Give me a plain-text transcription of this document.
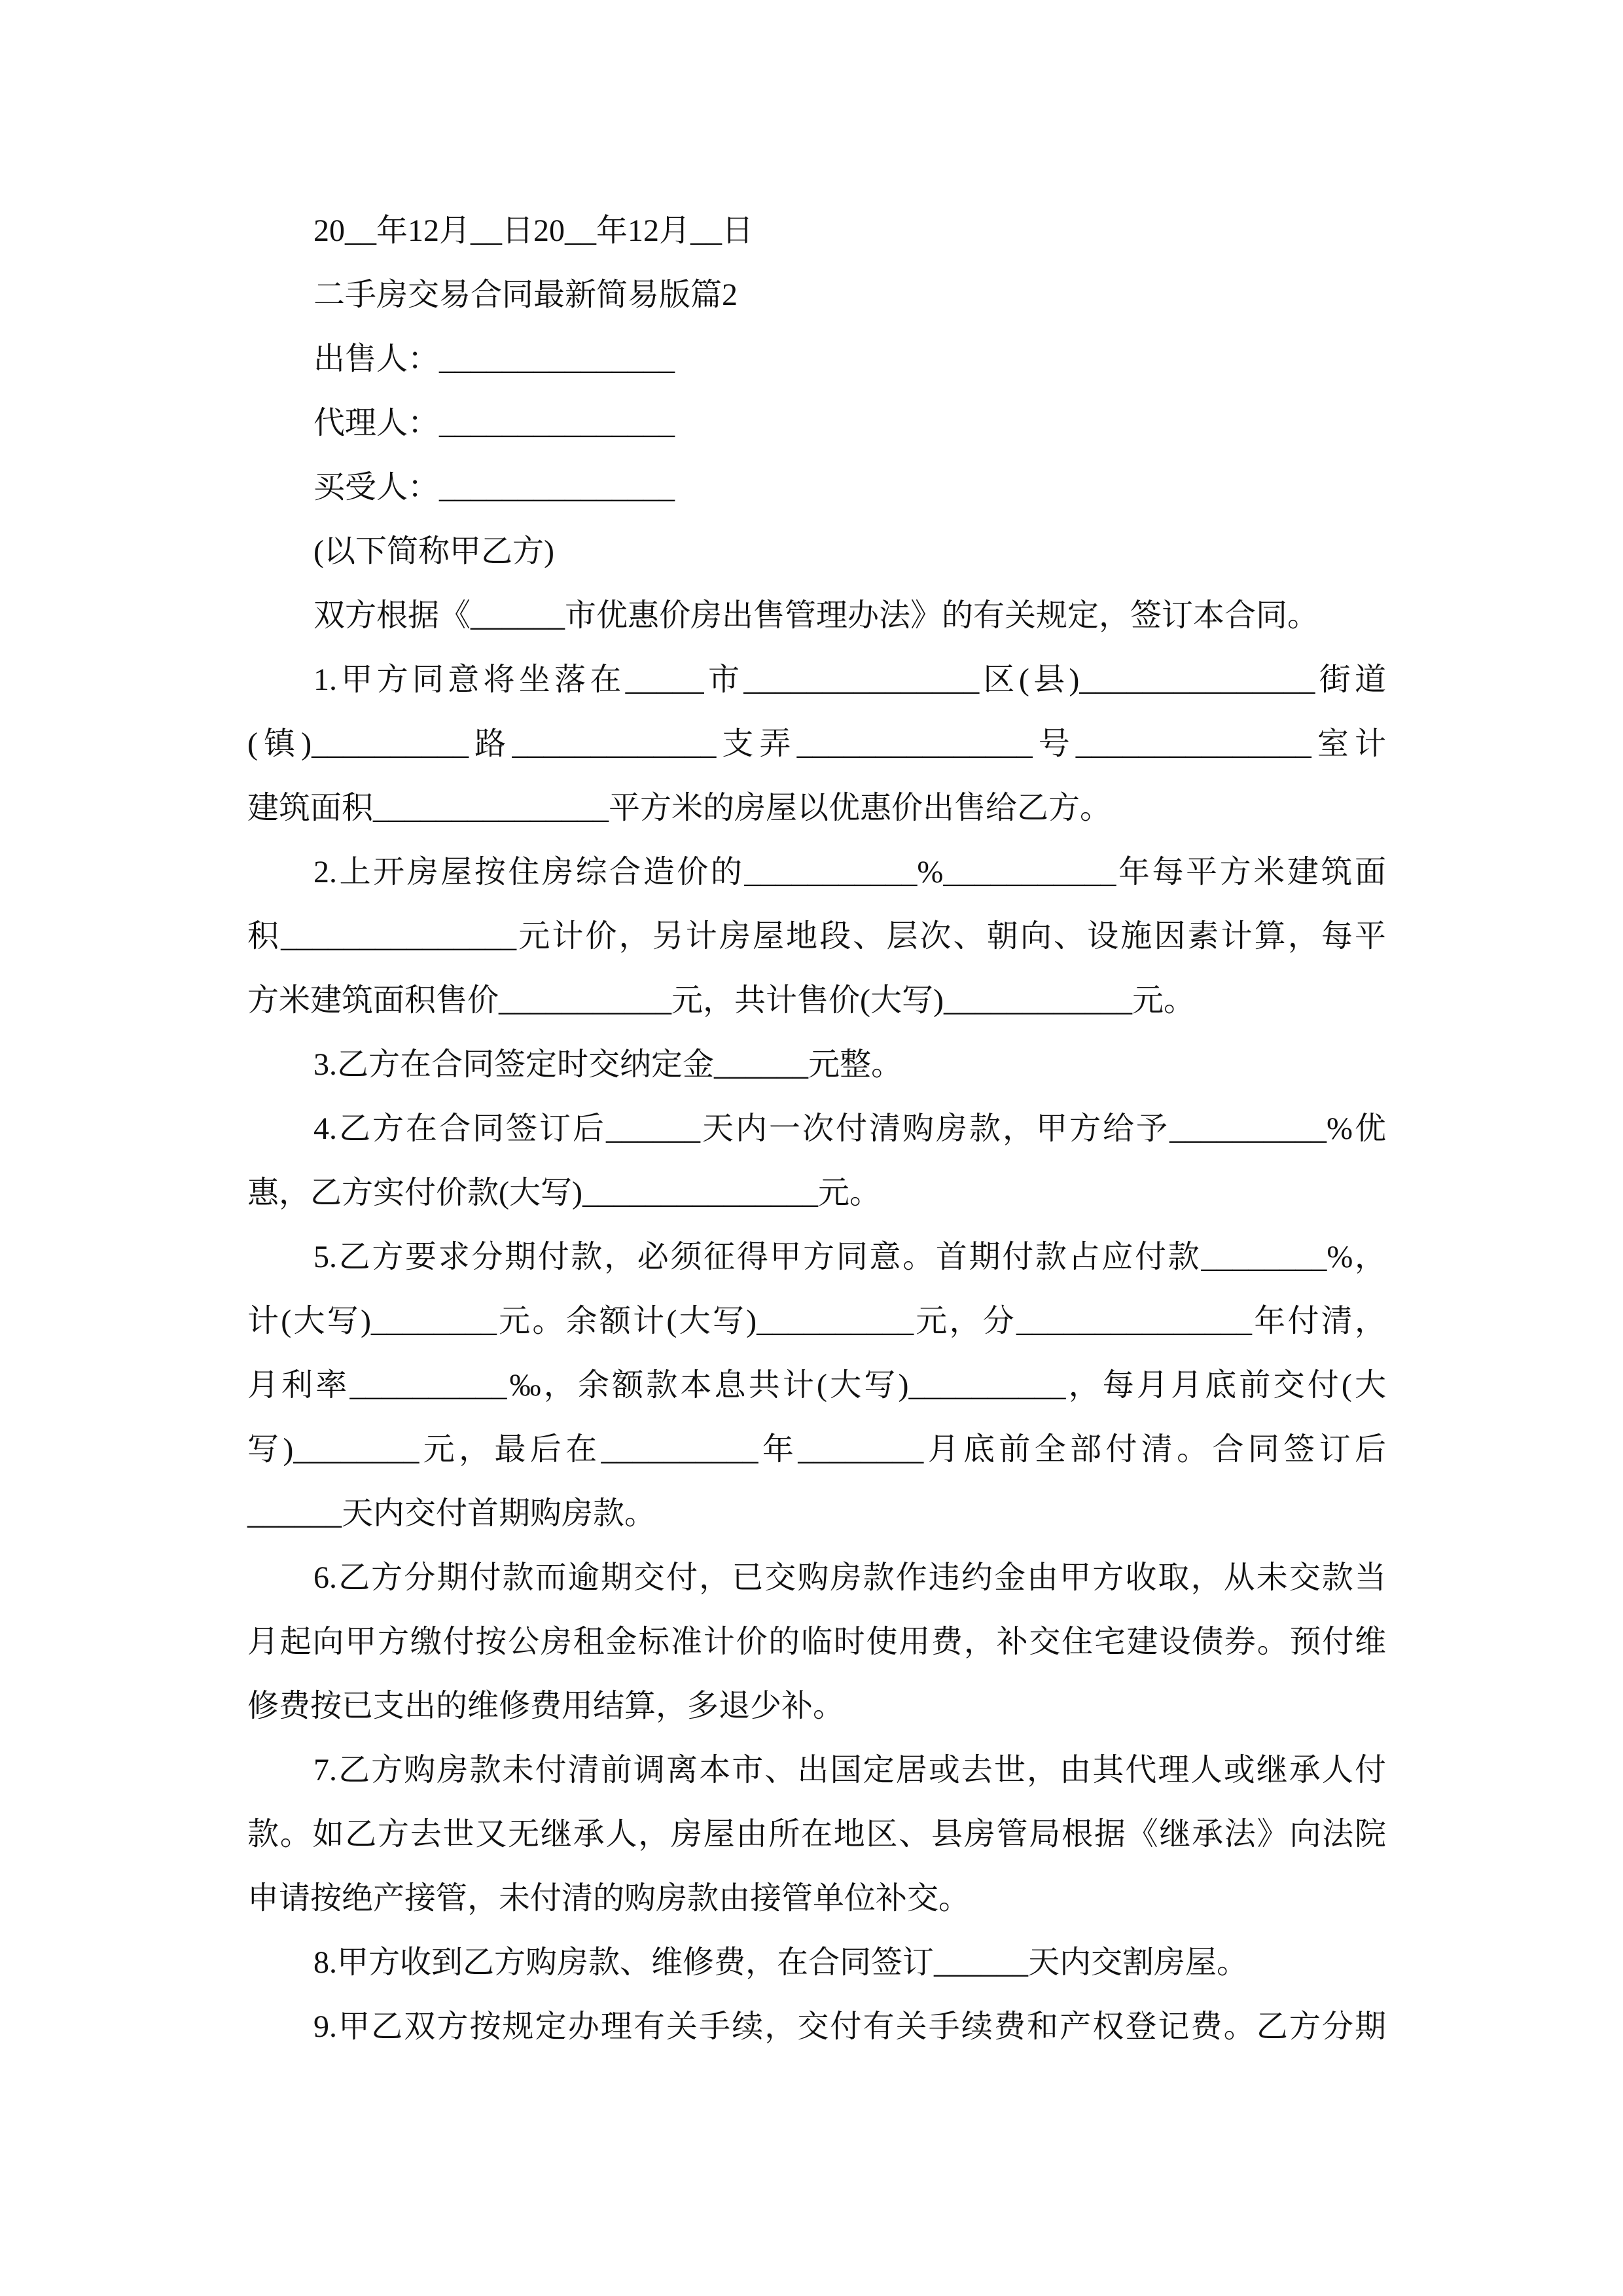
20__年12月__日20__年12月__日
二手房交易合同最新简易版篇2
出售人：_______________
代理人：_______________
买受人：_______________
(以下简称甲乙方)
双方根据《______市优惠价房出售管理办法》的有关规定，签订本合同。
1.甲方同意将坐落在_____市_______________区(县)_______________街道
(镇)__________路_____________支弄_______________号_______________室计
建筑面积_______________平方米的房屋以优惠价出售给乙方。
2.上开房屋按住房综合造价的___________%___________年每平方米建筑面
积_______________元计价，另计房屋地段、层次、朝向、设施因素计算，每平
方米建筑面积售价___________元，共计售价(大写)____________元。
3.乙方在合同签定时交纳定金______元整。
4.乙方在合同签订后______天内一次付清购房款，甲方给予__________%优
惠，乙方实付价款(大写)_______________元。
5.乙方要求分期付款，必须征得甲方同意。首期付款占应付款________%，
计(大写)________元。余额计(大写)__________元，分_______________年付清，
月利率__________‰，余额款本息共计(大写)__________，每月月底前交付(大
写)________元，最后在__________年________月底前全部付清。合同签订后
______天内交付首期购房款。
6.乙方分期付款而逾期交付，已交购房款作违约金由甲方收取，从未交款当
月起向甲方缴付按公房租金标准计价的临时使用费，补交住宅建设债券。预付维
修费按已支出的维修费用结算，多退少补。
7.乙方购房款未付清前调离本市、出国定居或去世，由其代理人或继承人付
款。如乙方去世又无继承人，房屋由所在地区、县房管局根据《继承法》向法院
申请按绝产接管，未付清的购房款由接管单位补交。
8.甲方收到乙方购房款、维修费，在合同签订______天内交割房屋。
9.甲乙双方按规定办理有关手续，交付有关手续费和产权登记费。乙方分期
